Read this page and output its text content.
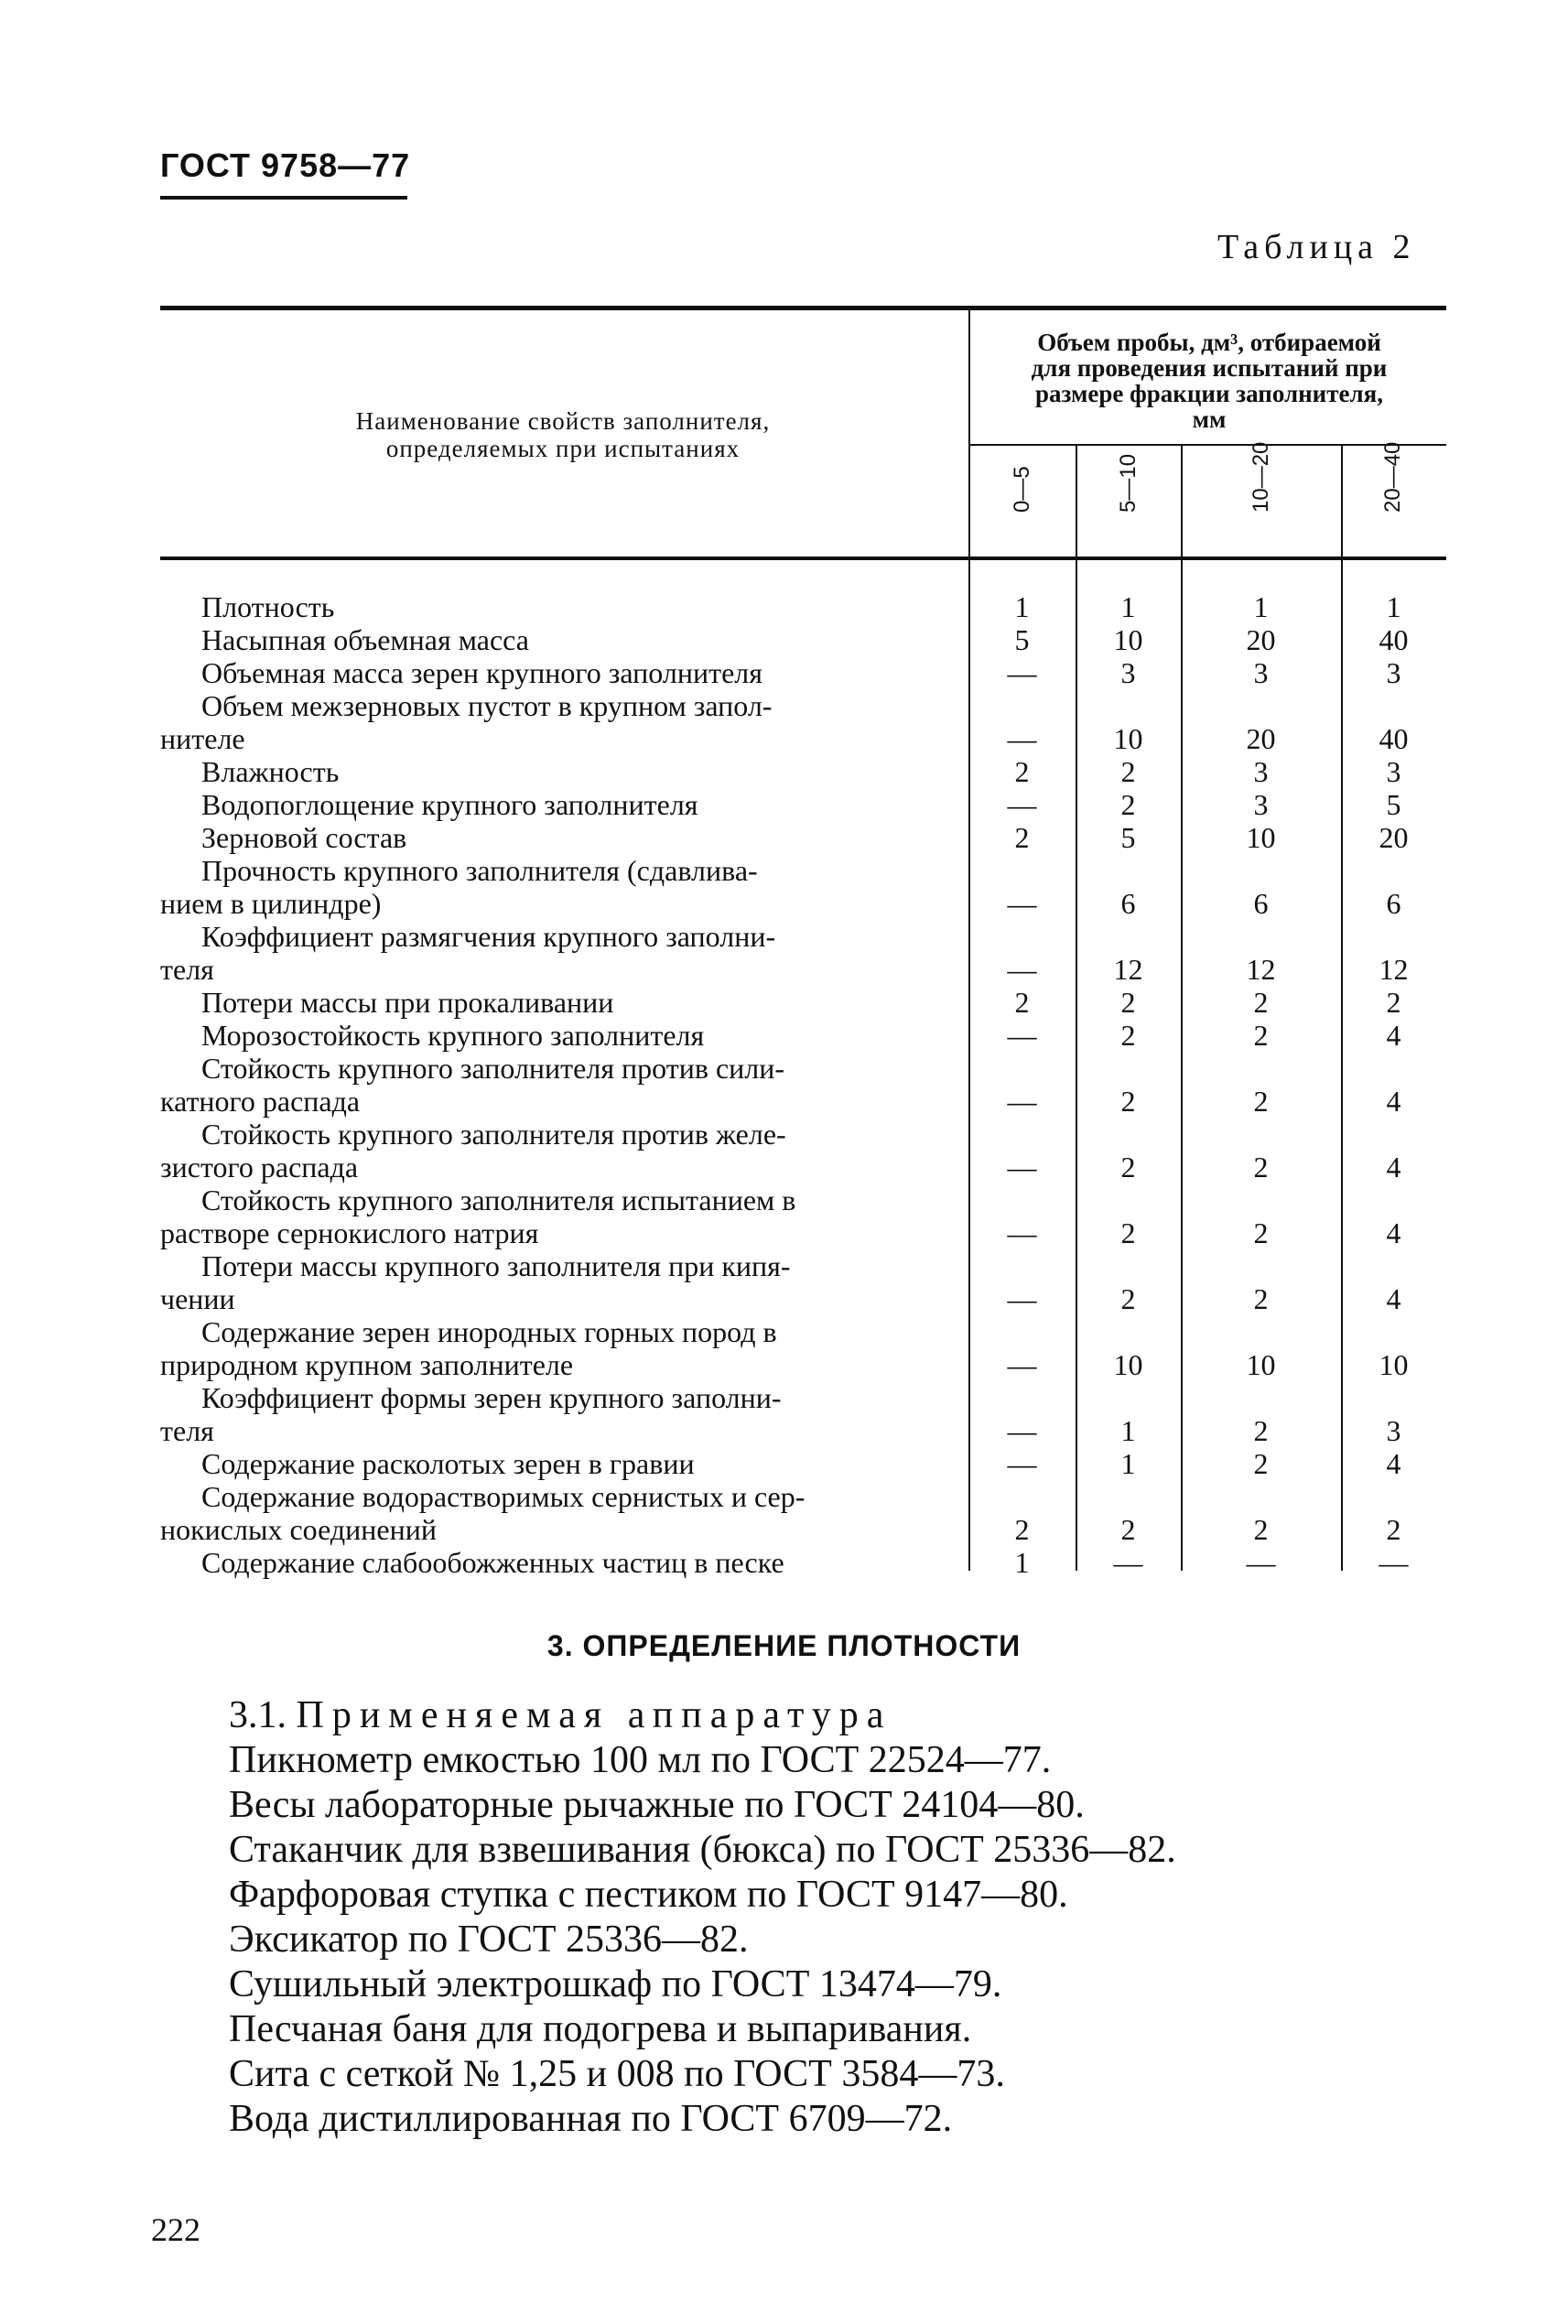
ГОСТ 9758—77
Таблица 2
Наименование свойств заполнителя,
определяемых при испытаниях
Объем пробы, дм³, отбираемой
для проведения испытаний при
размере фракции заполнителя,
мм
0—5	5—10	10—20	20—40
Плотность	1	1	1	1

Насыпная объемная масса	5	10	20	40

Объемная масса зерен крупного заполнителя	—	3	3	3

Объем межзерновых пустот в крупном запол-
нителе	—	10	20	40

Влажность	2	2	3	3

Водопоглощение крупного заполнителя	—	2	3	5

Зерновой состав	2	5	10	20

Прочность крупного заполнителя (сдавлива-
нием в цилиндре)	—	6	6	6

Коэффициент размягчения крупного заполни-
теля	—	12	12	12

Потери массы при прокаливании	2	2	2	2

Морозостойкость крупного заполнителя	—	2	2	4

Стойкость крупного заполнителя против сили-
катного распада	—	2	2	4

Стойкость крупного заполнителя против желе-
зистого распада	—	2	2	4

Стойкость крупного заполнителя испытанием в
растворе сернокислого натрия	—	2	2	4

Потери массы крупного заполнителя при кипя-
чении	—	2	2	4

Содержание зерен инородных горных пород в
природном крупном заполнителе	—	10	10	10

Коэффициент формы зерен крупного заполни-
теля	—	1	2	3

Содержание расколотых зерен в гравии	—	1	2	4

Содержание водорастворимых сернистых и сер-
нокислых соединений	2	2	2	2

Содержание слабообожженных частиц в песке	1	—	—	—
3. ОПРЕДЕЛЕНИЕ ПЛОТНОСТИ
3.1. Применяемая аппаратура
Пикнометр емкостью 100 мл по ГОСТ 22524—77.
Весы лабораторные рычажные по ГОСТ 24104—80.
Стаканчик для взвешивания (бюкса) по ГОСТ 25336—82.
Фарфоровая ступка с пестиком по ГОСТ 9147—80.
Эксикатор по ГОСТ 25336—82.
Сушильный электрошкаф по ГОСТ 13474—79.
Песчаная баня для подогрева и выпаривания.
Сита с сеткой № 1,25 и 008 по ГОСТ 3584—73.
Вода дистиллированная по ГОСТ 6709—72.
222
